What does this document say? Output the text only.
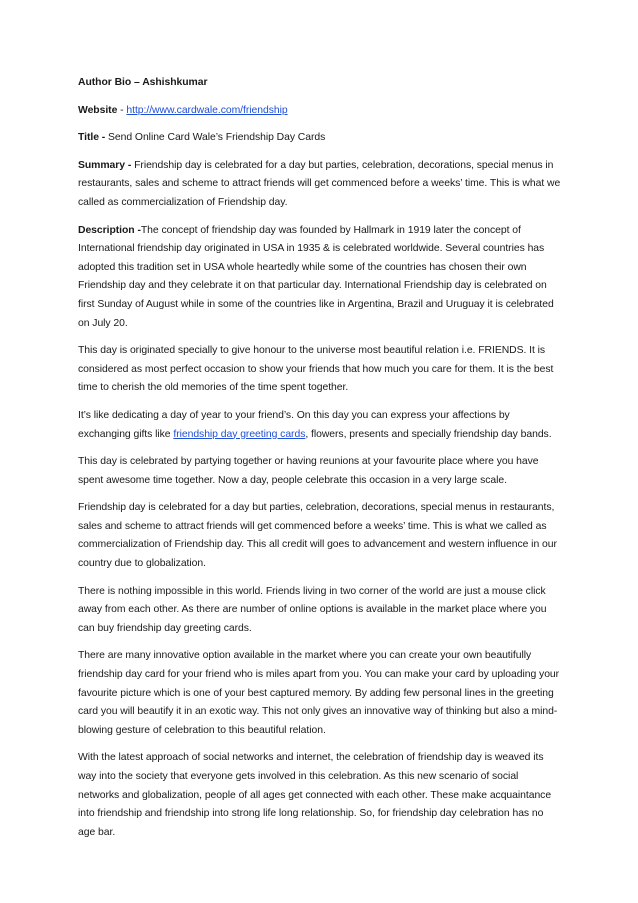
Author Bio – Ashishkumar

Website - http://www.cardwale.com/friendship

Title - Send Online Card Wale’s Friendship Day Cards

Summary - Friendship day is celebrated for a day but parties, celebration, decorations, special menus in restaurants, sales and scheme to attract friends will get commenced before a weeks’ time. This is what we called as commercialization of Friendship day.

Description -The concept of friendship day was founded by Hallmark in 1919 later the concept of International friendship day originated in USA in 1935 & is celebrated worldwide. Several countries has adopted this tradition set in USA whole heartedly while some of the countries has chosen their own Friendship day and they celebrate it on that particular day. International Friendship day is celebrated on first Sunday of August while in some of the countries like in Argentina, Brazil and Uruguay it is celebrated on July 20.

This day is originated specially to give honour to the universe most beautiful relation i.e. FRIENDS. It is considered as most perfect occasion to show your friends that how much you care for them. It is the best time to cherish the old memories of the time spent together.

It’s like dedicating a day of year to your friend’s. On this day you can express your affections by exchanging gifts like friendship day greeting cards, flowers, presents and specially friendship day bands.

This day is celebrated by partying together or having reunions at your favourite place where you have spent awesome time together. Now a day, people celebrate this occasion in a very large scale.

Friendship day is celebrated for a day but parties, celebration, decorations, special menus in restaurants, sales and scheme to attract friends will get commenced before a weeks’ time. This is what we called as commercialization of Friendship day. This all credit will goes to advancement and western influence in our country due to globalization.

There is nothing impossible in this world. Friends living in two corner of the world are just a mouse click away from each other. As there are number of online options is available in the market place where you can buy friendship day greeting cards.

There are many innovative option available in the market where you can create your own beautifully friendship day card for your friend who is miles apart from you. You can make your card by uploading your favourite picture which is one of your best captured memory. By adding few personal lines in the greeting card you will beautify it in an exotic way. This not only gives an innovative way of thinking but also a mind-blowing gesture of celebration to this beautiful relation.

With the latest approach of social networks and internet, the celebration of friendship day is weaved its way into the society that everyone gets involved in this celebration. As this new scenario of social networks and globalization, people of all ages get connected with each other. These make acquaintance into friendship and friendship into strong life long relationship. So, for friendship day celebration has no age bar.
